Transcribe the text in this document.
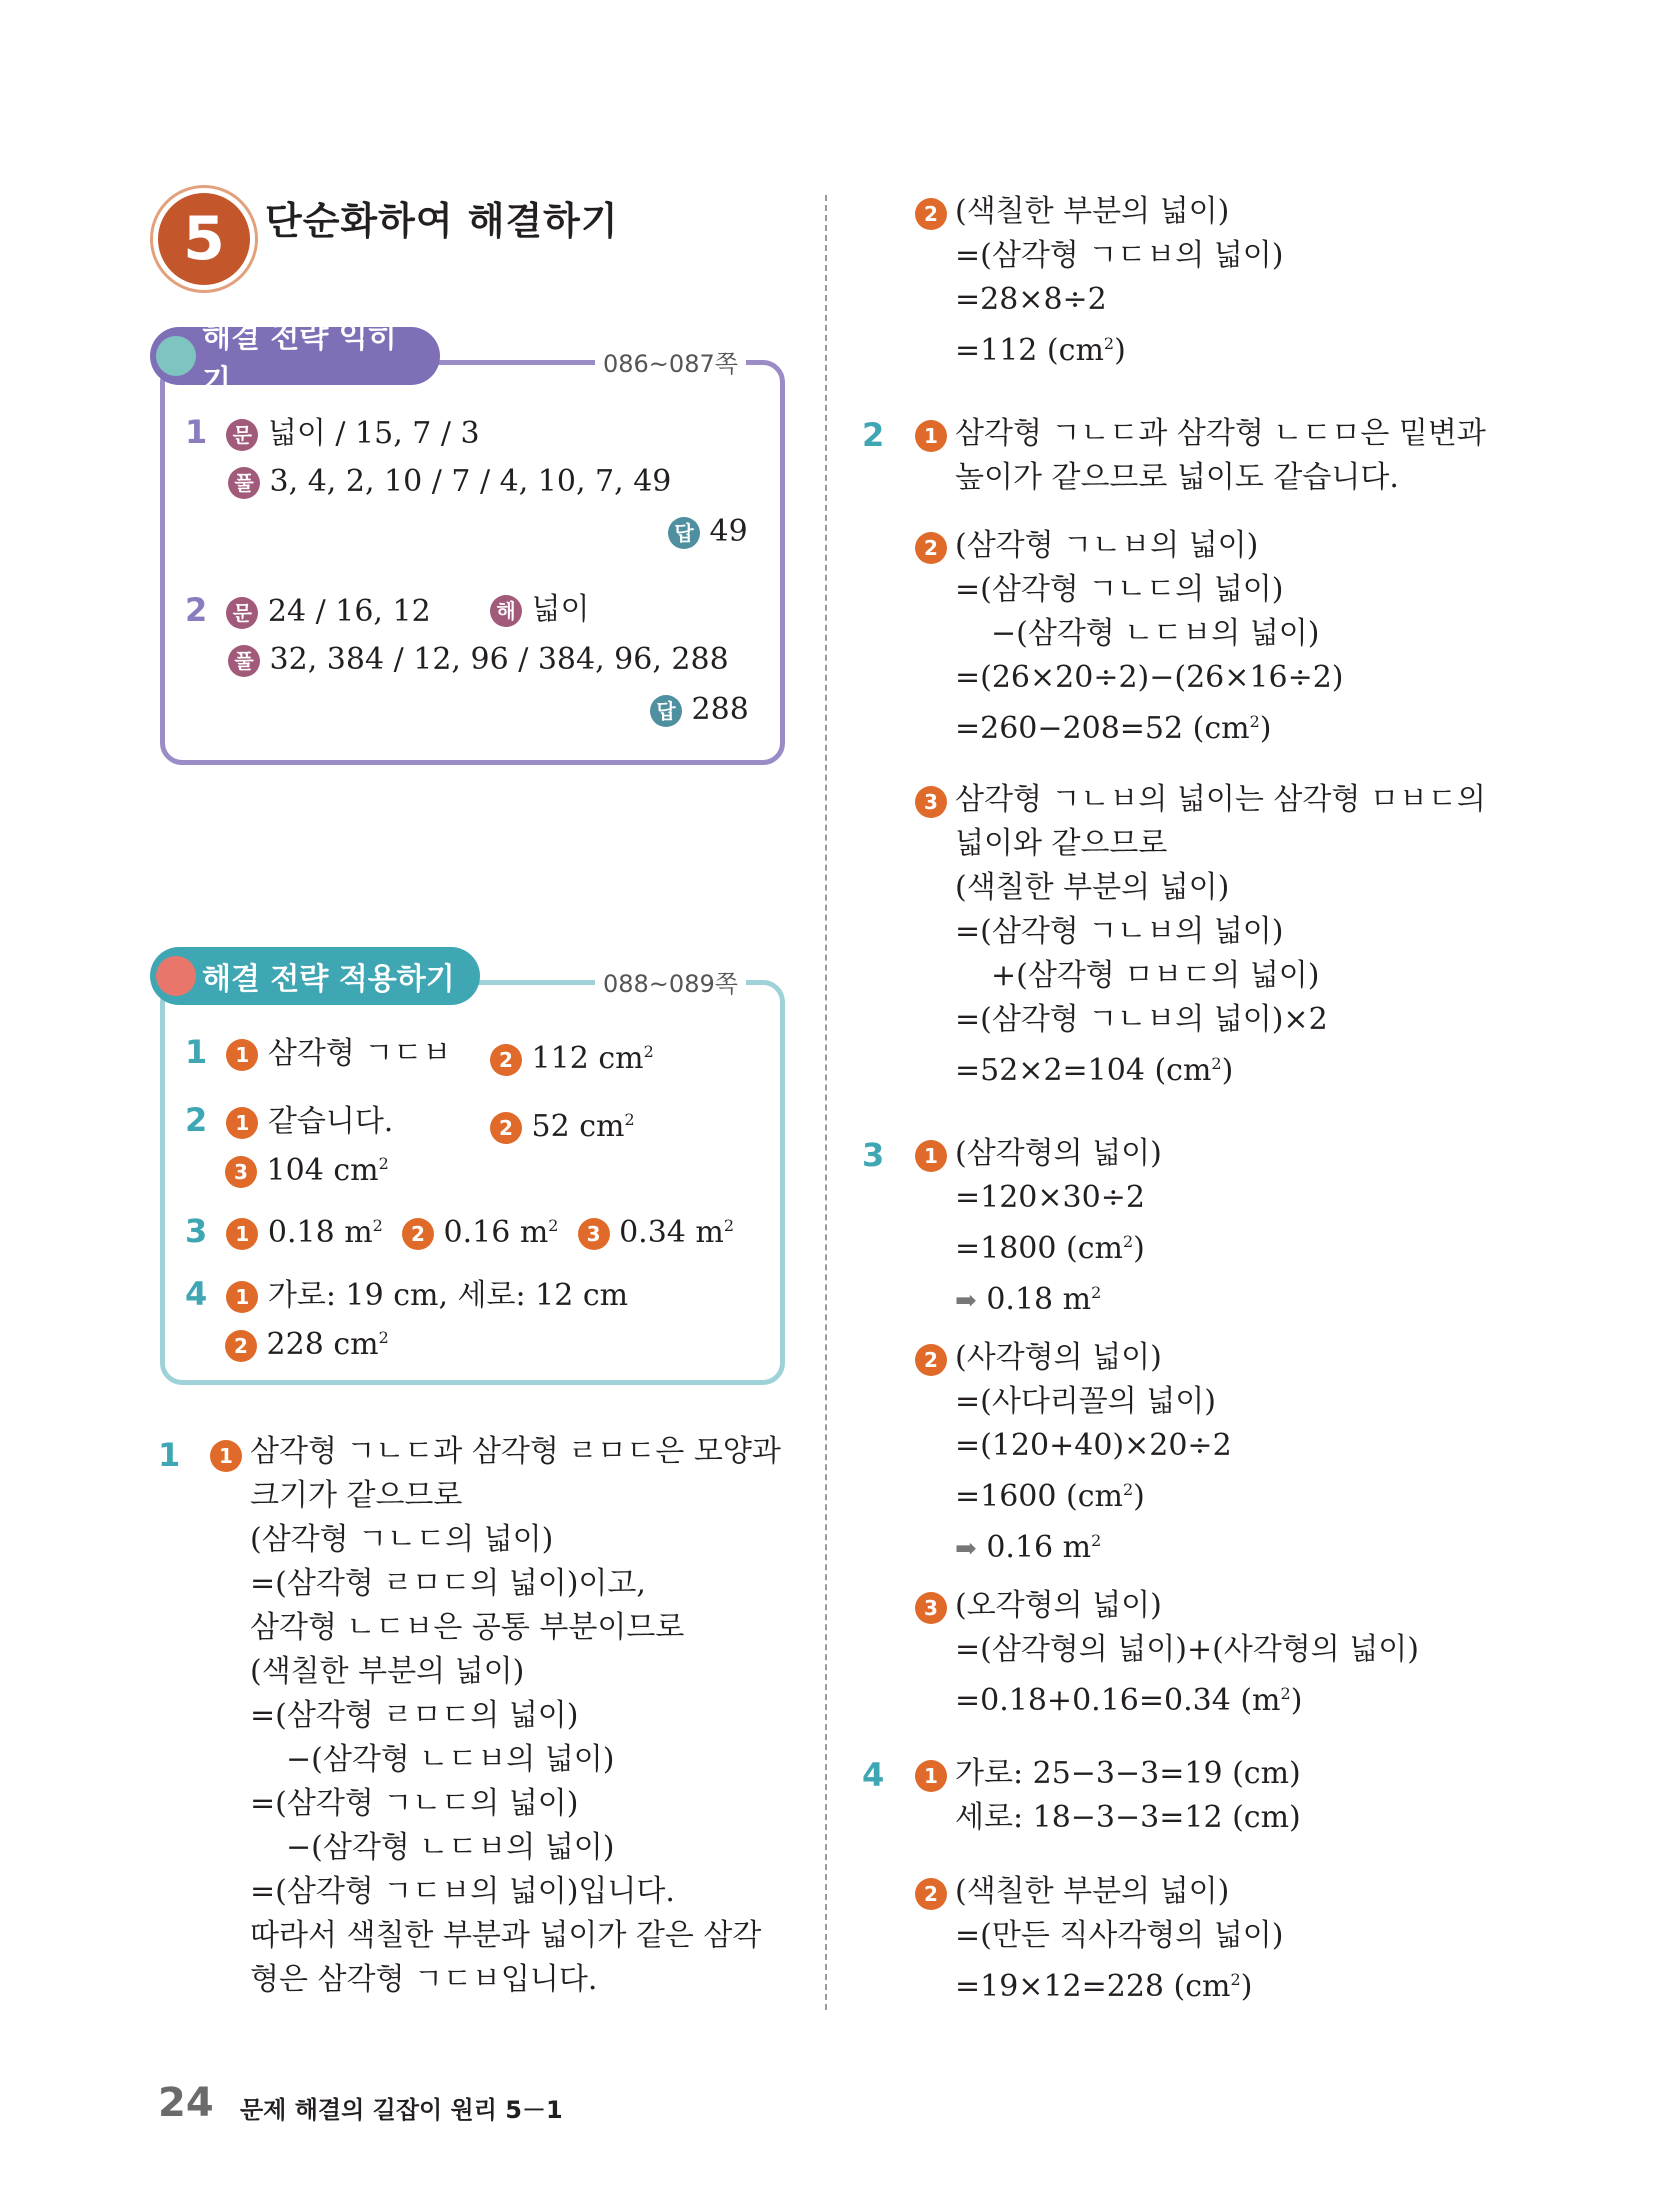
5	단순화하여 해결하기
해결 전략 익히기	086~087쪽
1 문 넓이 / 15, 7 / 3
풀 3, 4, 2, 10 / 7 / 4, 10, 7, 49
답 49
2 문 24 / 16, 12	해 넓이
풀 32, 384 / 12, 96 / 384, 96, 288
답 288
해결 전략 적용하기	088~089쪽
1 1 삼각형 ㄱㄷㅂ	2 112 $cm^2$
2 1 같습니다.	2 52 $cm^2$
3 104 $cm^2$
3 1 0.18 $m^2$ 2 0.16 $m^2$ 3 0.34 $m^2$
4 1 가로: 19 cm, 세로: 12 cm
2 228 $cm^2$
1	1 삼각형 ㄱㄴㄷ과 삼각형 ㄹㅁㄷ은 모양과
크기가 같으므로
(삼각형 ㄱㄴㄷ의 넓이)
=(삼각형 ㄹㅁㄷ의 넓이)이고,
삼각형 ㄴㄷㅂ은 공통 부분이므로
(색칠한 부분의 넓이)
=(삼각형 ㄹㅁㄷ의 넓이)
−(삼각형 ㄴㄷㅂ의 넓이)
=(삼각형 ㄱㄴㄷ의 넓이)
−(삼각형 ㄴㄷㅂ의 넓이)
=(삼각형 ㄱㄷㅂ의 넓이)입니다.
따라서 색칠한 부분과 넓이가 같은 삼각
형은 삼각형 ㄱㄷㅂ입니다.
2 (색칠한 부분의 넓이)
=(삼각형 ㄱㄷㅂ의 넓이)
=28×8÷2
=112 $(cm^2)$
2	1 삼각형 ㄱㄴㄷ과 삼각형 ㄴㄷㅁ은 밑변과
높이가 같으므로 넓이도 같습니다.
2 (삼각형 ㄱㄴㅂ의 넓이)
=(삼각형 ㄱㄴㄷ의 넓이)
−(삼각형 ㄴㄷㅂ의 넓이)
=(26×20÷2)−(26×16÷2)
=260−208=52 $(cm^2)$
3 삼각형 ㄱㄴㅂ의 넓이는 삼각형 ㅁㅂㄷ의
넓이와 같으므로
(색칠한 부분의 넓이)
=(삼각형 ㄱㄴㅂ의 넓이)
+(삼각형 ㅁㅂㄷ의 넓이)
=(삼각형 ㄱㄴㅂ의 넓이)×2
=52×2=104 $(cm^2)$
3	1 (삼각형의 넓이)
=120×30÷2
=1800 $(cm^2)$
➡ 0.18 $m^2$
2 (사각형의 넓이)
=(사다리꼴의 넓이)
=(120+40)×20÷2
=1600 $(cm^2)$
➡ 0.16 $m^2$
3 (오각형의 넓이)
=(삼각형의 넓이)+(사각형의 넓이)
=0.18+0.16=0.34 $(m^2)$
4	1 가로: 25−3−3=19 (cm)
세로: 18−3−3=12 (cm)
2 (색칠한 부분의 넓이)
=(만든 직사각형의 넓이)
=19×12=228 $(cm^2)$
24 문제 해결의 길잡이 원리 5－1
